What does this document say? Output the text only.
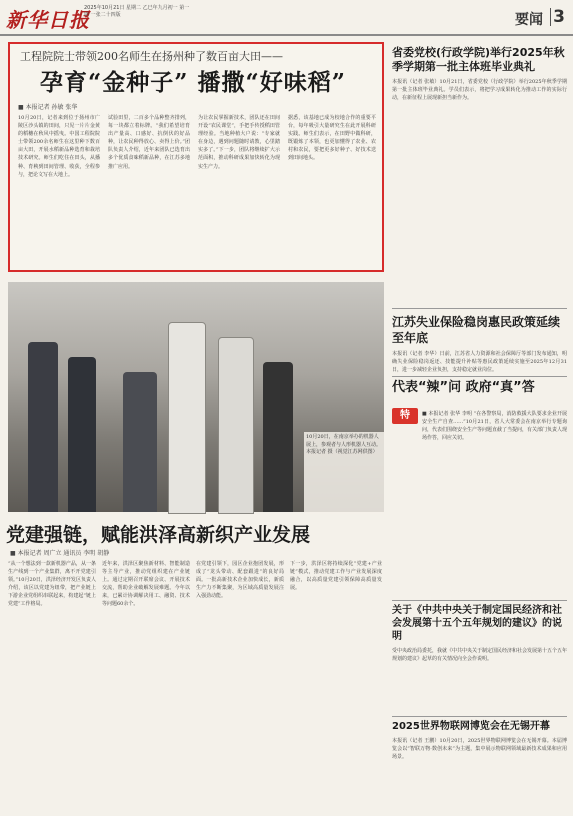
新华日报
2025年10月21日 星期二 乙巳年九月初一 第一期 一张二十四版	要闻 3
工程院院士带领200名师生在扬州种了数百亩大田——
孕育“金种子” 播撒“好味稻”
■ 本报记者 孙敏 张华
10月20日，记者来到位于扬州市广陵区沙头镇的田间，只见一片片金黄的稻穗在秋风中摇曳。中国工程院院士带领200余名师生在这里种下数百亩大田，开展水稻新品种选育和栽培技术研究。师生们吃住在田头，从播种、育秧到田间管理、收获，全程参与，把论文写在大地上。
试验田里，二百多个品种整齐排列，每一块都立着标牌。“我们希望培育出产量高、口感好、抗倒伏的好品种，让农民种得放心、卖得上价。”团队负责人介绍，近年来团队已选育出多个优质食味稻新品种，在江苏多地推广应用。
为让农民掌握新技术，团队还在田间开设“农民课堂”，手把手传授稻田管理经验。当地种植大户说：“专家就在身边，遇到问题随时请教，心里踏实多了。”下一步，团队将继续扩大示范面积，推动科研成果加快转化为现实生产力。
据悉，该基地已成为校地合作的重要平台，每年吸引大量研究生在此开展科研实践。师生们表示，在田野中做科研，既锻炼了本领，也更加懂得了农业、农村和农民，要把更多好种子、好技术送到田间地头。
10月20日，在南京举办的机器人展上，参观者与人形机器人互动。 本报记者 摄（视觉江苏网供图）
党建强链，赋能洪泽高新织产业发展
■ 本报记者 周广立 通讯员 李明 胡静
“从一个想法到一款新机器产品，从一条生产线到一个产业集群，离不开党建引领。”10月20日，洪泽经济开发区负责人介绍，该区以党建为纽带，把产业链上下游企业党组织串联起来，构建起“链上党建”工作格局。
近年来，洪泽区聚焦新材料、智能制造等主导产业，推动党组织建在产业链上。通过定期召开联席会议、开展技术交流，帮助企业破解发展难题。今年以来，已累计协调解决用工、融资、技术等问题60余个。
在党建引领下，园区企业抱团发展，形成了“龙头带动、配套跟进”的良好局面。一批高新技术企业加快成长，新质生产力不断集聚，为区域高质量发展注入强劲动能。
下一步，洪泽区将持续深化“党建+产业链”模式，推动党建工作与产业发展深度融合，以高质量党建引领保障高质量发展。
省委党校(行政学院)举行2025年秋季学期第一批主体班毕业典礼
本报讯（记者 张敏）10月21日，省委党校（行政学院）举行2025年秋季学期第一批主体班毕业典礼。学员们表示，将把学习成果转化为推动工作的实际行动，在新征程上展现新担当新作为。
江苏失业保险稳岗惠民政策延续至年底
本报讯（记者 李华）日前，江苏省人力资源和社会保障厅等部门发布通知，明确失业保险稳岗返还、技能提升补贴等惠民政策延续实施至2025年12月31日，进一步减轻企业负担，支持稳定就业岗位。
代表“辣”问 政府“真”答
特	■ 本报记者 张华 李明 “在各警察局，消防救援大队要求企业开展安全生产自查……”10月21日，省人大常委会在南京举行专题询问，代表们围绕安全生产等问题直截了当提问，有关部门负责人现场作答，回应关切。
关于《中共中央关于制定国民经济和社会发展第十五个五年规划的建议》的说明
受中央政治局委托，我就《中共中央关于制定国民经济和社会发展第十五个五年规划的建议》起草的有关情况向全会作说明。
2025世界物联网博览会在无锡开幕
本报讯（记者 王鹏）10月20日，2025世界物联网博览会在无锡开幕。本届博览会以“智联万物·数创未来”为主题，集中展示物联网领域最新技术成果和应用场景。
